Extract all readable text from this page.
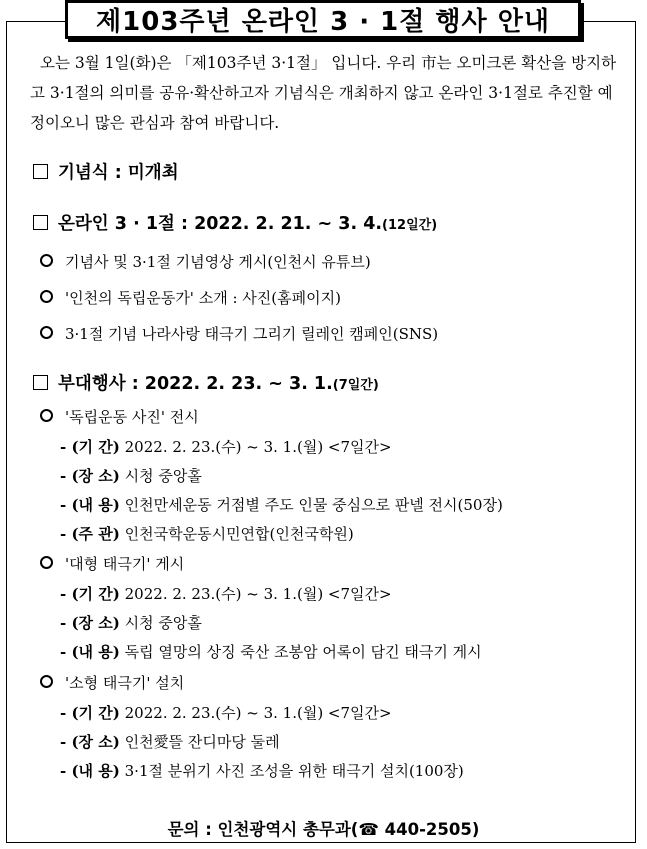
제103주년 온라인 3 · 1절 행사 안내
오는 3월 1일(화)은 「제103주년 3·1절」 입니다. 우리 市는 오미크론 확산을 방지하고 3·1절의 의미를 공유·확산하고자 기념식은 개최하지 않고 온라인 3·1절로 추진할 예정이오니 많은 관심과 참여 바랍니다.
기념식 : 미개최
온라인 3 · 1절 : 2022. 2. 21. ~ 3. 4.(12일간)
기념사 및 3·1절 기념영상 게시(인천시 유튜브)
'인천의 독립운동가' 소개 : 사진(홈페이지)
3·1절 기념 나라사랑 태극기 그리기 릴레인 캠페인(SNS)
부대행사 : 2022. 2. 23. ~ 3. 1.(7일간)
'독립운동 사진' 전시
- (기 간) 2022. 2. 23.(수) ~ 3. 1.(월) <7일간>
- (장 소) 시청 중앙홀
- (내 용) 인천만세운동 거점별 주도 인물 중심으로 판넬 전시(50장)
- (주 관) 인천국학운동시민연합(인천국학원)
'대형 태극기' 게시
- (기 간) 2022. 2. 23.(수) ~ 3. 1.(월) <7일간>
- (장 소) 시청 중앙홀
- (내 용) 독립 열망의 상징 죽산 조봉암 어록이 담긴 태극기 게시
'소형 태극기' 설치
- (기 간) 2022. 2. 23.(수) ~ 3. 1.(월) <7일간>
- (장 소) 인천愛뜰 잔디마당 둘레
- (내 용) 3·1절 분위기 사진 조성을 위한 태극기 설치(100장)
문의 : 인천광역시 총무과(☎ 440-2505)
